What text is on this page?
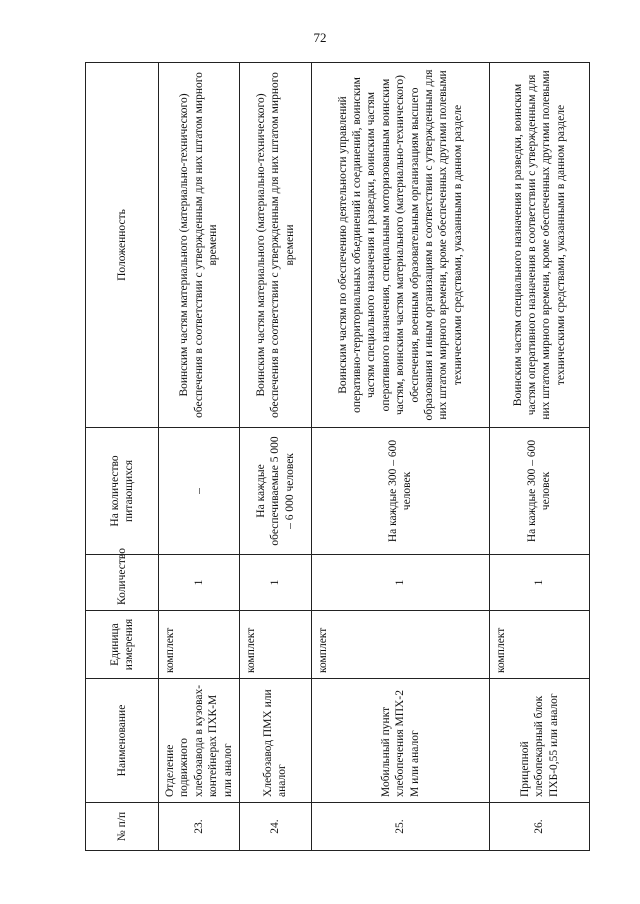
72
№ п/п	Наименование	Единица измерения	Количество	На количество питающихся	Положенность
23.	Отделение подвижного хлебозавода в кузовах-контейнерах ПХК-М или аналог	комплект	1	–	Воинским частям материального (материально-технического) обеспечения в соответствии с утвержденным для них штатом мирного времени
24.	Хлебозавод ПМХ или аналог	комплект	1	На каждые обеспечиваемые 5 000 – 6 000 человек	Воинским частям материального (материально-технического) обеспечения в соответствии с утвержденным для них штатом мирного времени
25.	Мобильный пункт хлебопечения МПХ-2 М или аналог	комплект	1	На каждые 300 – 600 человек	Воинским частям по обеспечению деятельности управлений оперативно-территориальных объединений и соединений, воинским частям специального назначения и разведки, воинским частям оперативного назначения, специальным моторизованным воинским частям, воинским частям материального (материально-технического) обеспечения, военным образовательным организациям высшего образования и иным организациям в соответствии с утвержденным для них штатом мирного времени, кроме обеспеченных другими полевыми техническими средствами, указанными в данном разделе
26.	Прицепной хлебопекарный блок ПХБ-0,55 или аналог	комплект	1	На каждые 300 – 600 человек	Воинским частям специального назначения и разведки, воинским частям оперативного назначения в соответствии с утвержденным для них штатом мирного времени, кроме обеспеченных другими полевыми техническими средствами, указанными в данном разделе
